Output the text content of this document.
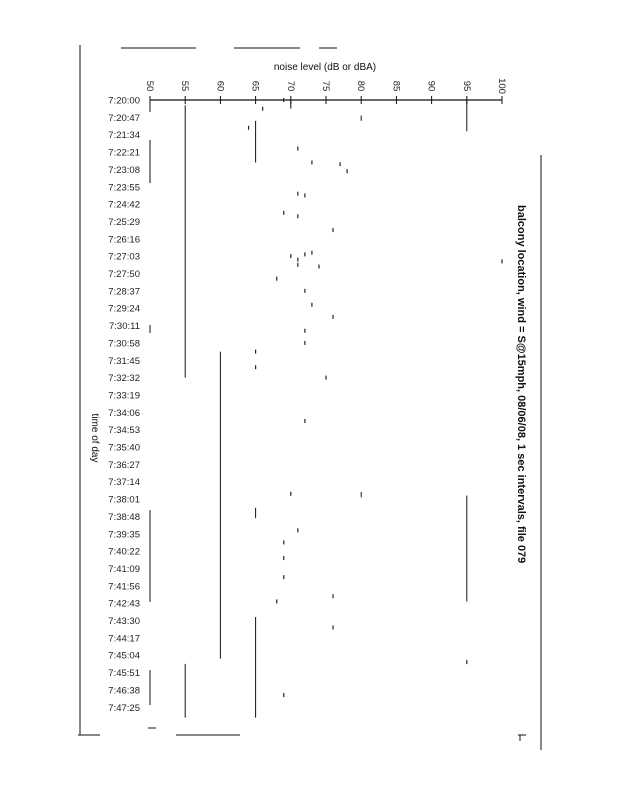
balcony location, wind = S@15mph, 08/06/08, 1 sec intervals, file 079
noise level (dB or dBA)
time of day
50	55	60	65	70	75	80	85	90	95	100
7:20:00
7:20:47
7:21:34
7:22:21
7:23:08
7:23:55
7:24:42
7:25:29
7:26:16
7:27:03
7:27:50
7:28:37
7:29:24
7:30:11
7:30:58
7:31:45
7:32:32
7:33:19
7:34:06
7:34:53
7:35:40
7:36:27
7:37:14
7:38:01
7:38:48
7:39:35
7:40:22
7:41:09
7:41:56
7:42:43
7:43:30
7:44:17
7:45:04
7:45:51
7:46:38
7:47:25
